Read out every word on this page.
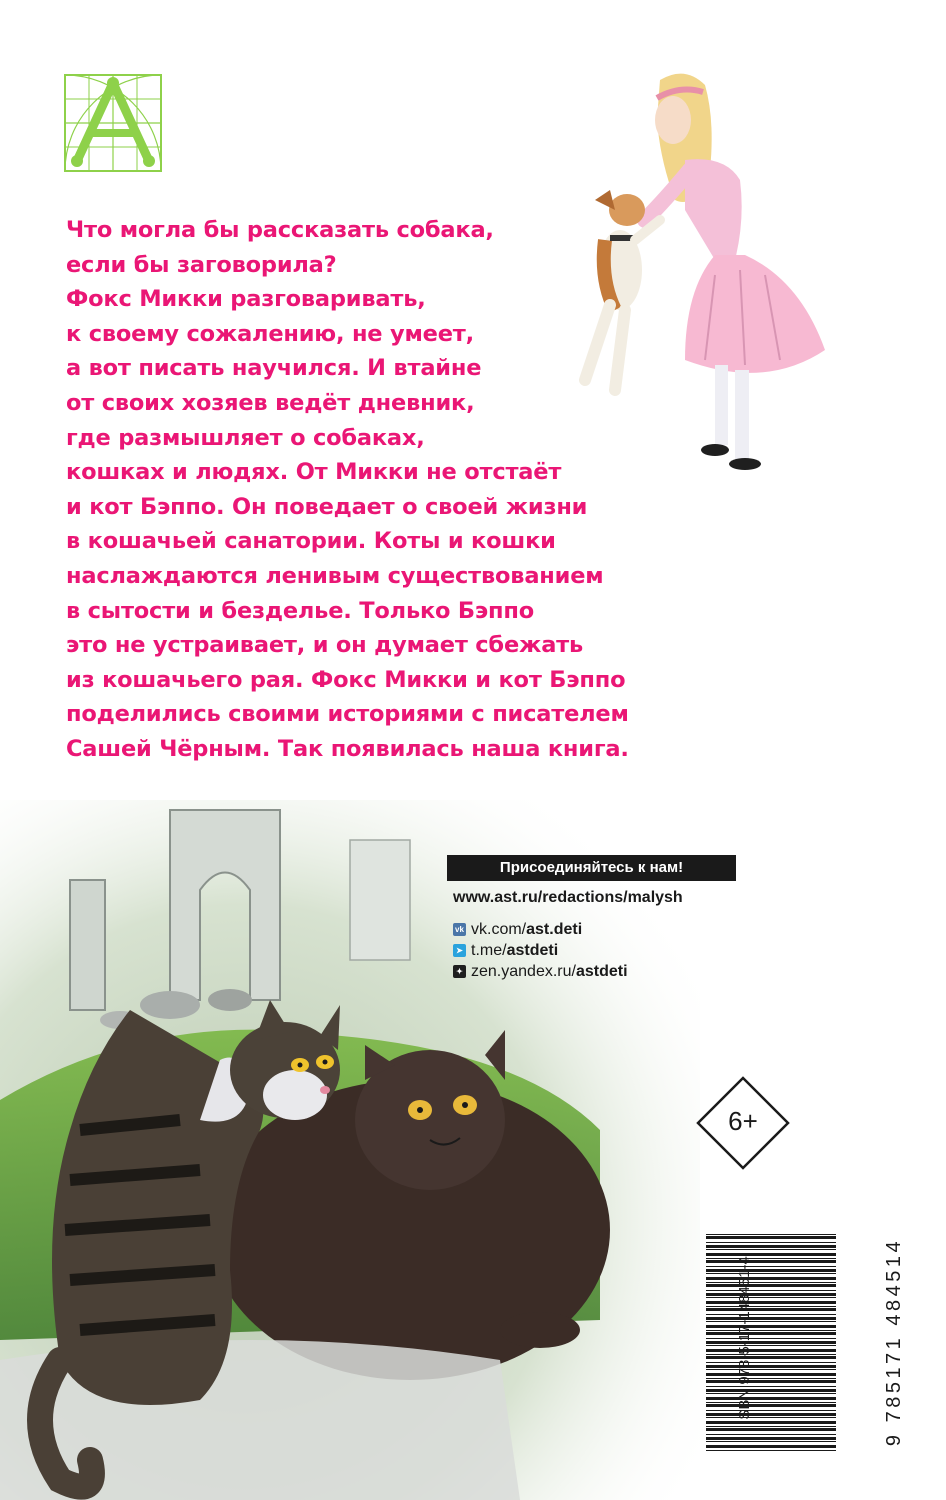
Что могла бы рассказать собака,
если бы заговорила?
Фокс Микки разговаривать,
к своему сожалению, не умеет,
а вот писать научился. И втайне
от своих хозяев ведёт дневник,
где размышляет о собаках,
кошках и людях. От Микки не отстаёт
и кот Бэппо. Он поведает о своей жизни
в кошачьей санатории. Коты и кошки
наслаждаются ленивым существованием
в сытости и безделье. Только Бэппо
это не устраивает, и он думает сбежать
из кошачьего рая. Фокс Микки и кот Бэппо
поделились своими историями с писателем
Сашей Чёрным. Так появилась наша книга.
Присоединяйтесь к нам!
www.ast.ru/redactions/malysh
vk vk.com/ast.deti
➤ t.me/astdeti
✦ zen.yandex.ru/astdeti
6+
ISBN 978-5-17-148451-4	9 785171 484514
